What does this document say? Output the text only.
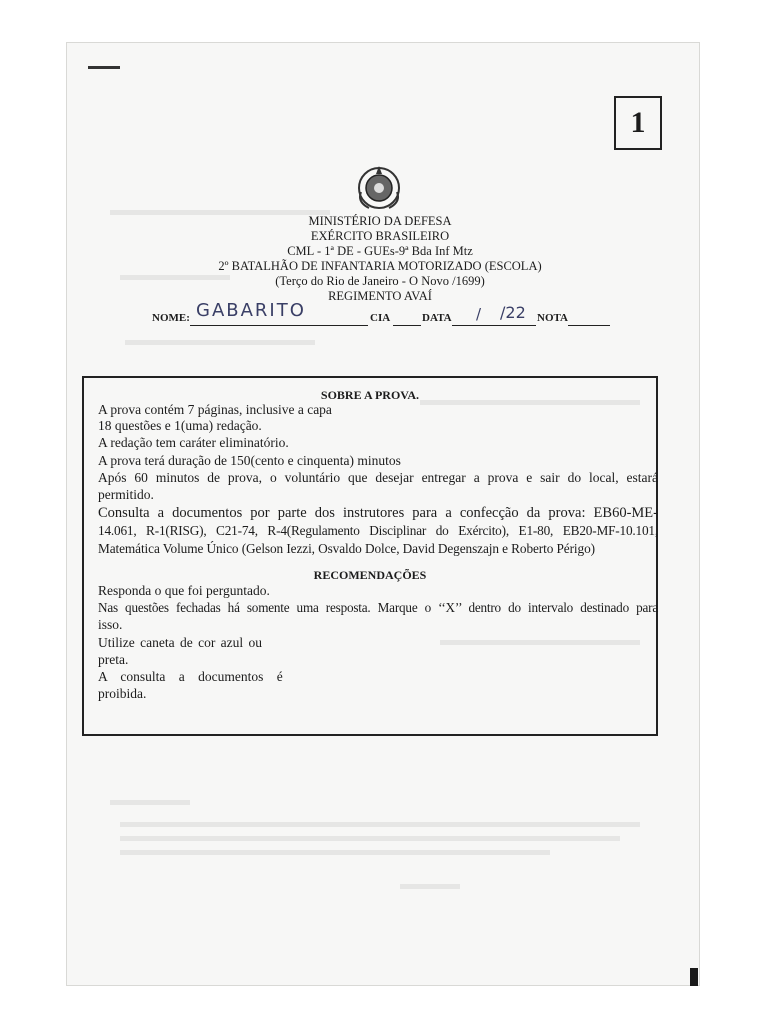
1
MINISTÉRIO DA DEFESA
EXÉRCITO BRASILEIRO
CML - 1ª DE - GUEs-9ª Bda Inf Mtz
2º BATALHÃO DE INFANTARIA MOTORIZADO (ESCOLA)
(Terço do Rio de Janeiro - O Novo /1699)
REGIMENTO AVAÍ
NOME: GABARITO	CIA	DATA / /22 NOTA
SOBRE A PROVA.
RECOMENDAÇÕES
A prova contém 7 páginas, inclusive a capa
18 questões e 1(uma) redação.
A redação tem caráter eliminatório.
A prova terá duração de 150(cento e cinquenta) minutos
Após 60 minutos de prova, o voluntário que desejar entregar a prova e sair do local, estará
permitido.
Consulta a documentos por parte dos instrutores para a confecção da prova: EB60-ME-
14.061, R-1(RISG), C21-74, R-4(Regulamento Disciplinar do Exército), E1-80, EB20-MF-10.101,
Matemática Volume Único (Gelson Iezzi, Osvaldo Dolce, David Degenszajn e Roberto Périgo)
Responda o que foi perguntado.
Nas questões fechadas há somente uma resposta. Marque o ‘‘X’’ dentro do intervalo destinado para
isso.
Utilize caneta de cor azul ou
preta.
A consulta a documentos é
proibida.
